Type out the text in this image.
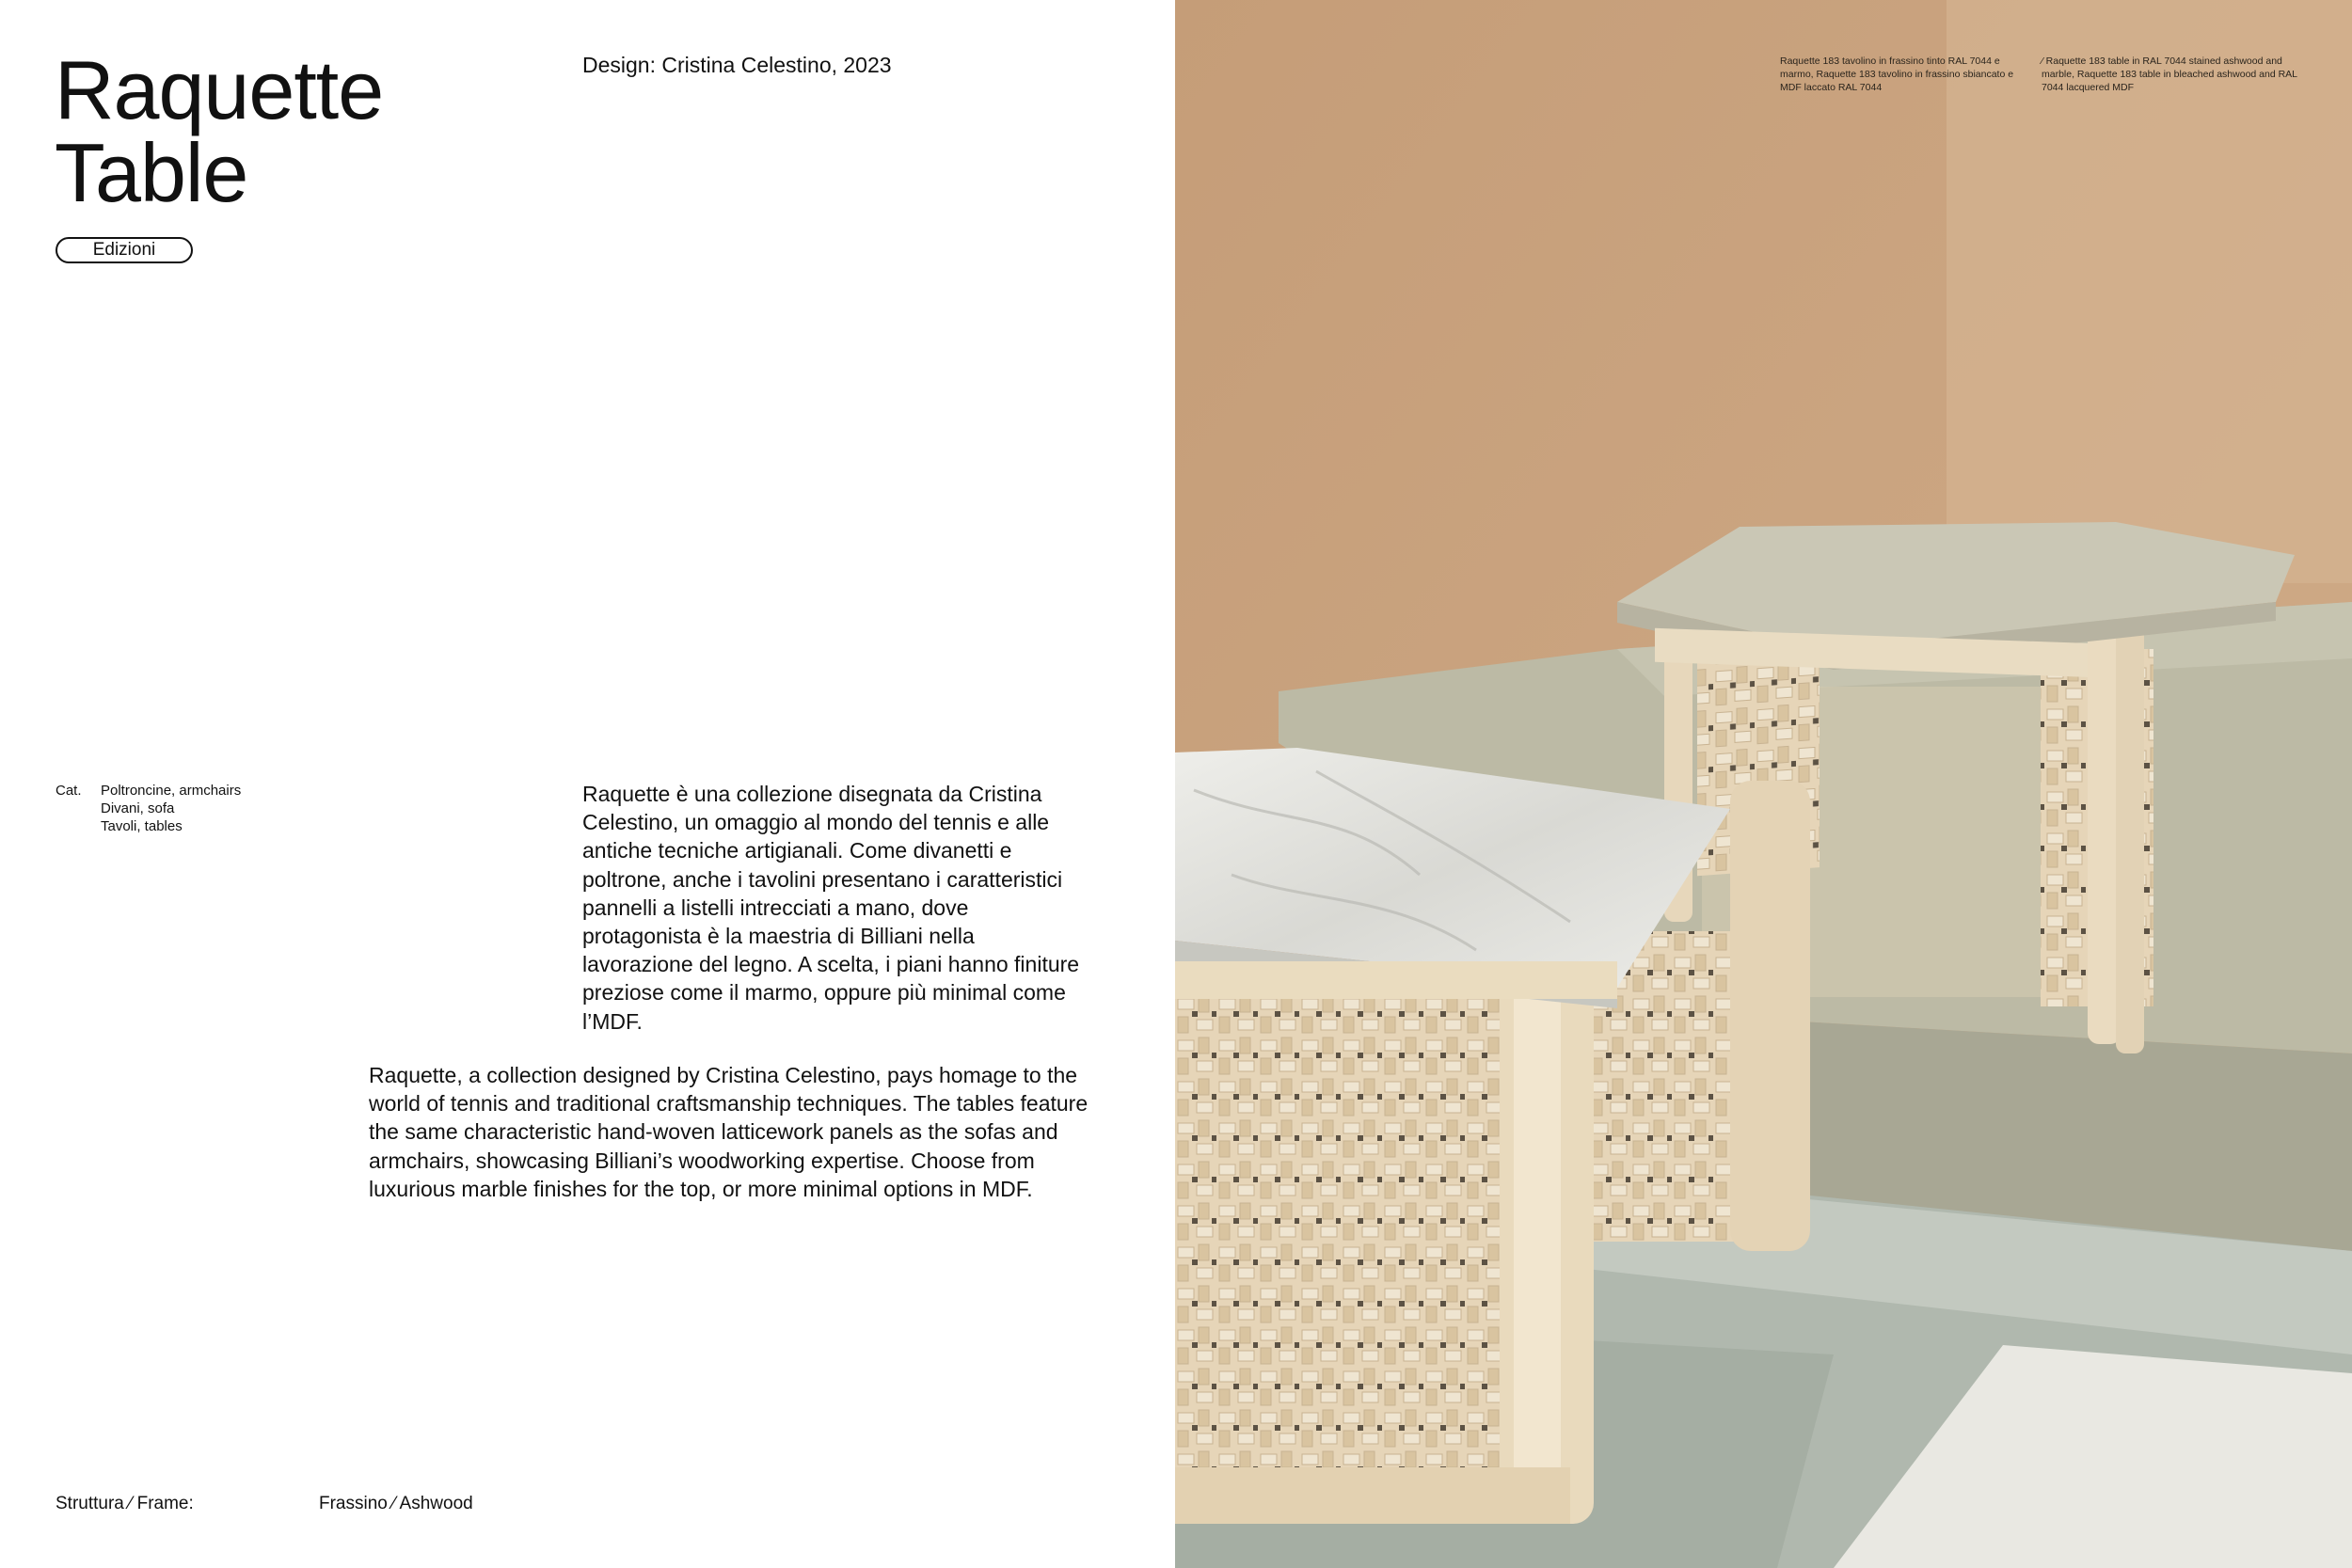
Raquette
Table
Design: Cristina Celestino, 2023
Edizioni
Cat. Poltroncine, armchairs
Divani, sofa
Tavoli, tables

Raquette è una collezione disegnata da Cristina Celestino, un omaggio al mondo del tennis e alle antiche tecniche artigianali. Come divanetti e poltrone, anche i tavolini presentano i caratteristici pannelli a listelli intrecciati a mano, dove protagonista è la maestria di Billiani nella lavorazione del legno. A scelta, i piani hanno finiture preziose come il marmo, oppure più minimal come l’MDF.

Raquette, a collection designed by Cristina Celestino, pays homage to the world of tennis and traditional craftsmanship techniques. The tables feature the same characteristic hand-woven latticework panels as the sofas and armchairs, showcasing Billiani’s woodworking expertise. Choose from luxurious marble finishes for the top, or more minimal options in MDF.

Struttura ⁄ Frame:	Frassino ⁄ Ashwood
Raquette 183 tavolino in frassino tinto RAL 7044 e marmo, Raquette 183 tavolino in frassino sbiancato e MDF laccato RAL 7044
⁄ Raquette 183 table in RAL 7044 stained ashwood and marble, Raquette 183 table in bleached ashwood and RAL 7044 lacquered MDF
